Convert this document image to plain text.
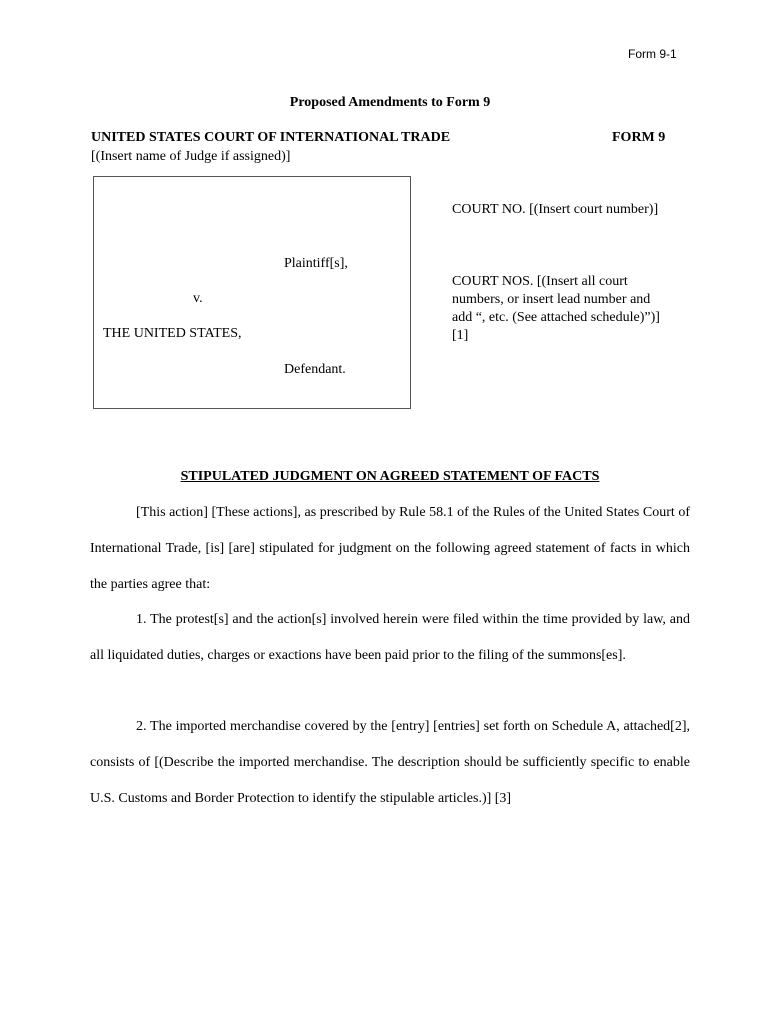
Form 9-1
Proposed Amendments to Form 9
UNITED STATES COURT OF INTERNATIONAL TRADE	FORM 9
[(Insert name of Judge if assigned)]
Plaintiff[s],
v.
THE UNITED STATES,
Defendant.
COURT NO. [(Insert court number)]
COURT NOS. [(Insert all court numbers, or insert lead number and add “, etc. (See attached schedule)”)] [1]
STIPULATED JUDGMENT ON AGREED STATEMENT OF FACTS
[This action] [These actions], as prescribed by Rule 58.1 of the Rules of the United States Court of International Trade, [is] [are] stipulated for judgment on the following agreed statement of facts in which the parties agree that:
1. The protest[s] and the action[s] involved herein were filed within the time provided by law, and all liquidated duties, charges or exactions have been paid prior to the filing of the summons[es].
2. The imported merchandise covered by the [entry] [entries] set forth on Schedule A, attached[2], consists of [(Describe the imported merchandise. The description should be sufficiently specific to enable U.S. Customs and Border Protection to identify the stipulable articles.)] [3]
